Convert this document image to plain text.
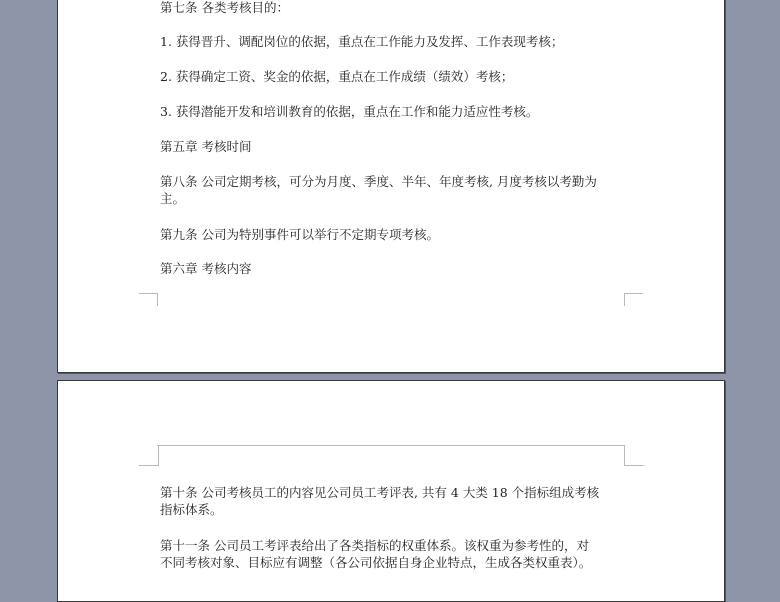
第七条 各类考核目的：
1. 获得晋升、调配岗位的依据，重点在工作能力及发挥、工作表现考核；
2. 获得确定工资、奖金的依据，重点在工作成绩（绩效）考核；
3. 获得潜能开发和培训教育的依据，重点在工作和能力适应性考核。
第五章 考核时间
第八条 公司定期考核，可分为月度、季度、半年、年度考核, 月度考核以考勤为
主。
第九条 公司为特别事件可以举行不定期专项考核。
第六章 考核内容
第十条 公司考核员工的内容见公司员工考评表, 共有 4 大类 18 个指标组成考核
指标体系。
第十一条 公司员工考评表给出了各类指标的权重体系。该权重为参考性的，对
不同考核对象、目标应有调整（各公司依据自身企业特点，生成各类权重表）。
